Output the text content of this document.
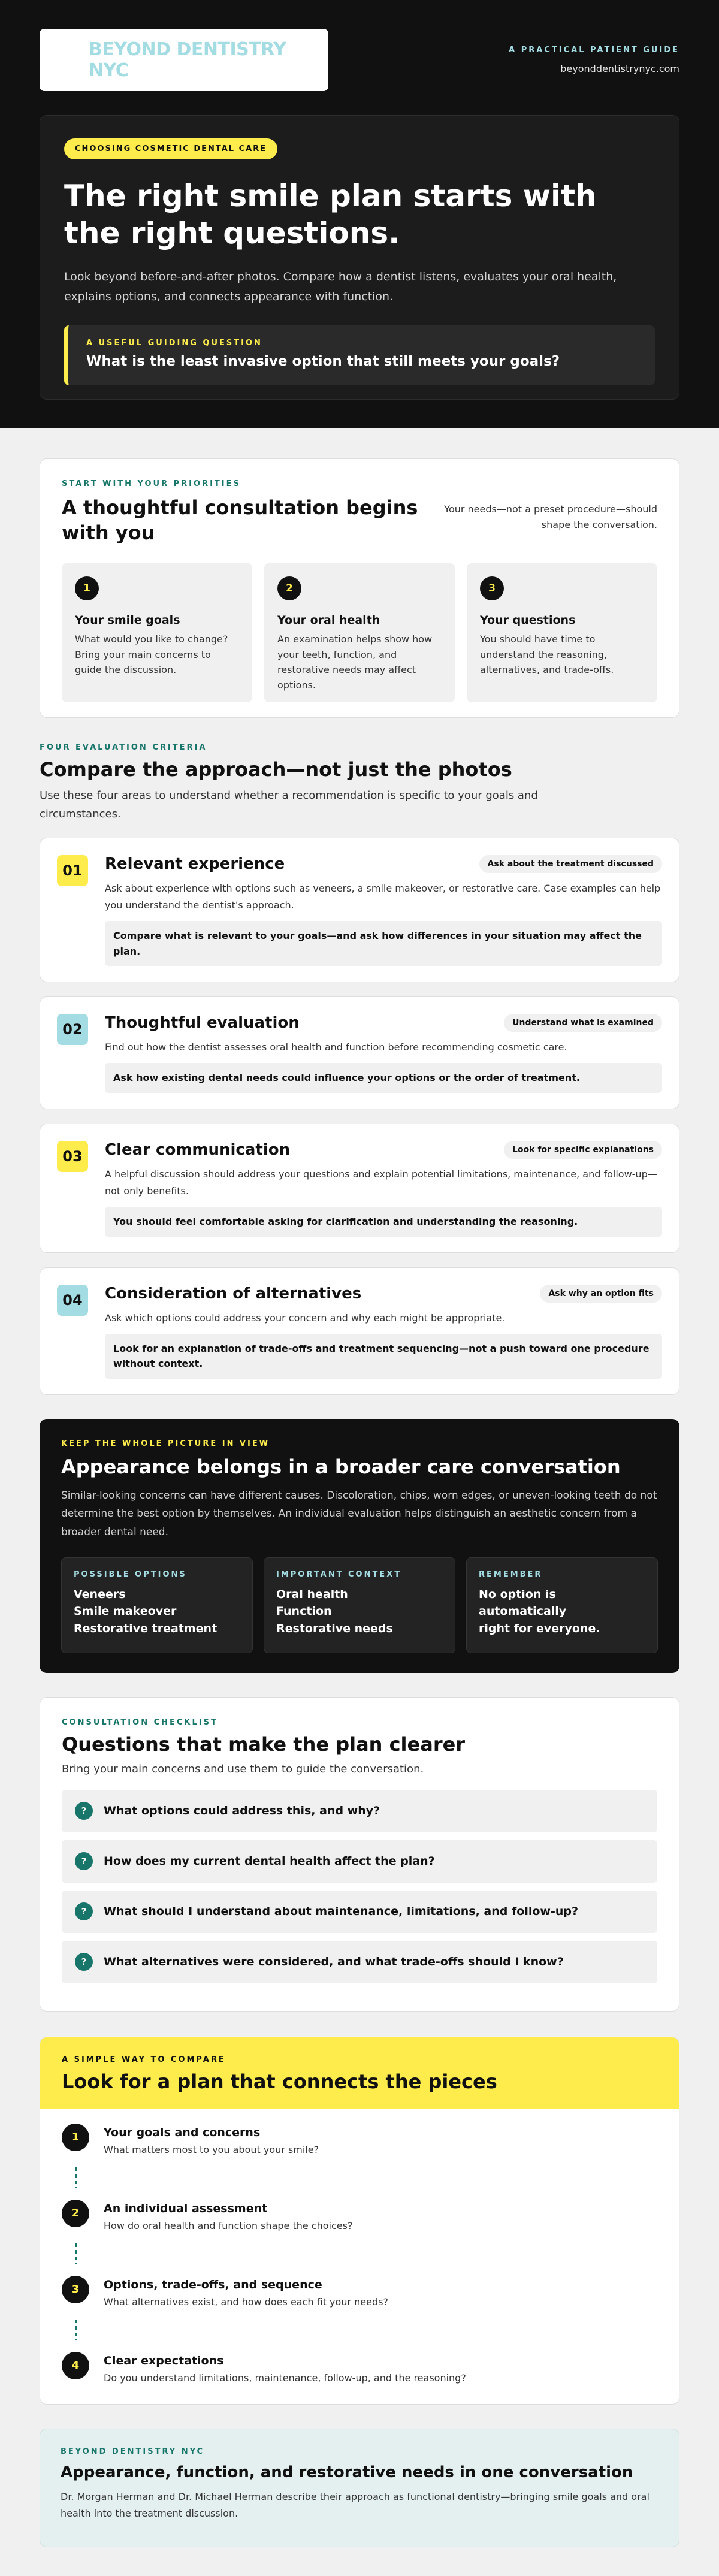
BEYOND DENTISTRY NYC
A PRACTICAL PATIENT GUIDE
beyonddentistrynyc.com
CHOOSING COSMETIC DENTAL CARE
The right smile plan starts with the right questions.

Look beyond before-and-after photos. Compare how a dentist listens, evaluates your oral health, explains options, and connects appearance with function.

A USEFUL GUIDING QUESTION
What is the least invasive option that still meets your goals?
START WITH YOUR PRIORITIES
A thoughtful consultation begins with you

Your needs—not a preset procedure—should shape the conversation.

1
Your smile goals

What would you like to change? Bring your main concerns to guide the discussion.

2
Your oral health

An examination helps show how your teeth, function, and restorative needs may affect options.

3
Your questions

You should have time to understand the reasoning, alternatives, and trade-offs.

FOUR EVALUATION CRITERIA
Compare the approach—not just the photos

Use these four areas to understand whether a recommendation is specific to your goals and circumstances.

01	Relevant experience	Ask about the treatment discussed

Ask about experience with options such as veneers, a smile makeover, or restorative care. Case examples can help you understand the dentist's approach.

Compare what is relevant to your goals—and ask how differences in your situation may affect the plan.
02	Thoughtful evaluation	Understand what is examined

Find out how the dentist assesses oral health and function before recommending cosmetic care.

Ask how existing dental needs could influence your options or the order of treatment.
03	Clear communication	Look for specific explanations

A helpful discussion should address your questions and explain potential limitations, maintenance, and follow-up—not only benefits.

You should feel comfortable asking for clarification and understanding the reasoning.
04	Consideration of alternatives	Ask why an option fits

Ask which options could address your concern and why each might be appropriate.

Look for an explanation of trade-offs and treatment sequencing—not a push toward one procedure without context.
KEEP THE WHOLE PICTURE IN VIEW
Appearance belongs in a broader care conversation

Similar-looking concerns can have different causes. Discoloration, chips, worn edges, or uneven-looking teeth do not determine the best option by themselves. An individual evaluation helps distinguish an aesthetic concern from a broader dental need.

POSSIBLE OPTIONS
Veneers
Smile makeover
Restorative treatment
IMPORTANT CONTEXT
Oral health
Function
Restorative needs
REMEMBER
No option is automatically
right for everyone.
CONSULTATION CHECKLIST
Questions that make the plan clearer

Bring your main concerns and use them to guide the conversation.

?	What options could address this, and why?
?	How does my current dental health affect the plan?
?	What should I understand about maintenance, limitations, and follow-up?
?	What alternatives were considered, and what trade-offs should I know?
A SIMPLE WAY TO COMPARE
Look for a plan that connects the pieces
1	Your goals and concerns

What matters most to you about your smile?

2	An individual assessment

How do oral health and function shape the choices?

3	Options, trade-offs, and sequence

What alternatives exist, and how does each fit your needs?

4	Clear expectations

Do you understand limitations, maintenance, follow-up, and the reasoning?

BEYOND DENTISTRY NYC
Appearance, function, and restorative needs in one conversation

Dr. Morgan Herman and Dr. Michael Herman describe their approach as functional dentistry—bringing smile goals and oral health into the treatment discussion.
